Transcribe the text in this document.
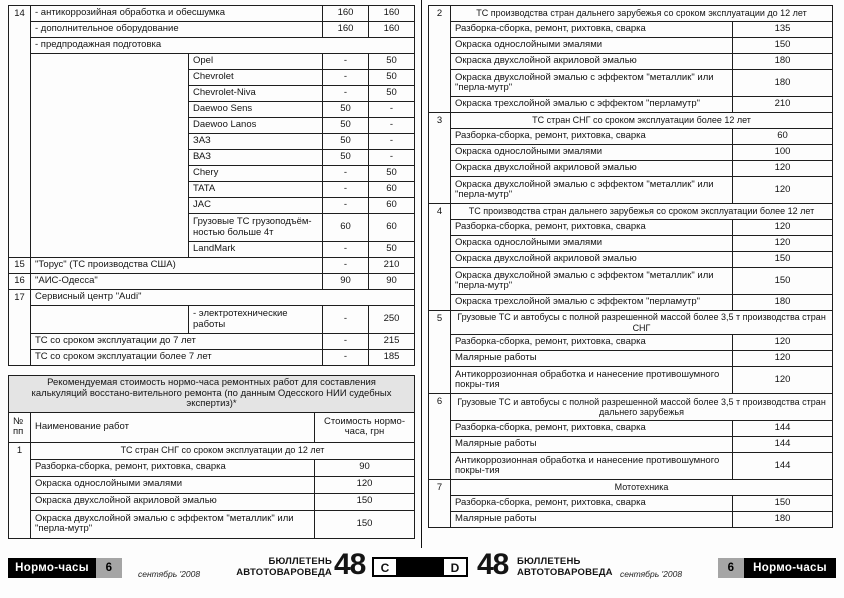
14	- антикоррозийная обработка и обесшумка		160	160
	- дополнительное оборудование		160	160
	- предпродажная подготовка			
		Opel	-	50
		Chevrolet	-	50
		Chevrolet-Niva	-	50
		Daewoo Sens	50	-
		Daewoo Lanos	50	-
		ЗАЗ	50	-
		ВАЗ	50	-
		Chery	-	50
		TATA	-	60
		JAC	-	60
		Грузовые ТС грузоподъём-ностью больше 4т	60	60
		LandMark	-	50
15	"Торус" (ТС производства США)		-	210
16	"АИС-Одесса"		90	90
17	Сервисный центр "Audi"			
		- электротехнические работы	-	250
	ТС со сроком эксплуатации до 7 лет		-	215
	ТС со сроком эксплуатации более 7 лет		-	185
Рекомендуемая стоимость нормо-часа ремонтных работ для составления калькуляций восстано-вительного ремонта (по данным Одесского НИИ судебных экспертиз)*		
№ пп	Наименование работ	Стоимость нормо-часа, грн
1	ТС стран СНГ со сроком эксплуатации до 12 лет	
	Разборка-сборка, ремонт, рихтовка, сварка	90
	Окраска однослойными эмалями	120
	Окраска двухслойной акриловой эмалью	150
	Окраска двухслойной эмалью с эффектом "металлик" или "перла-мутр"	150
2	ТС производства стран дальнего зарубежья со сроком эксплуатации до 12 лет	
	Разборка-сборка, ремонт, рихтовка, сварка	135
	Окраска однослойными эмалями	150
	Окраска двухслойной акриловой эмалью	180
	Окраска двухслойной эмалью с эффектом "металлик" или "перла-мутр"	180
	Окраска трехслойной эмалью с эффектом "перламутр"	210
3	ТС стран СНГ со сроком эксплуатации более 12 лет	
	Разборка-сборка, ремонт, рихтовка, сварка	60
	Окраска однослойными эмалями	100
	Окраска двухслойной акриловой эмалью	120
	Окраска двухслойной эмалью с эффектом "металлик" или "перла-мутр"	120
4	ТС производства стран дальнего зарубежья со сроком эксплуатации более 12 лет	
	Разборка-сборка, ремонт, рихтовка, сварка	120
	Окраска однослойными эмалями	120
	Окраска двухслойной акриловой эмалью	150
	Окраска двухслойной эмалью с эффектом "металлик" или "перла-мутр"	150
	Окраска трехслойной эмалью с эффектом "перламутр"	180
5	Грузовые ТС и автобусы с полной разрешенной массой более 3,5 т производства стран СНГ	
	Разборка-сборка, ремонт, рихтовка, сварка	120
	Малярные работы	120
	Антикоррозионная обработка и нанесение противошумного покры-тия	120
6	Грузовые ТС и автобусы с полной разрешенной массой более 3,5 т производства стран дальнего зарубежья	
	Разборка-сборка, ремонт, рихтовка, сварка	144
	Малярные работы	144
	Антикоррозионная обработка и нанесение противошумного покры-тия	144
7	Мототехника	
	Разборка-сборка, ремонт, рихтовка, сварка	150
	Малярные работы	180
Нормо-часы	6	сентябрь '2008
БЮЛЛЕТЕНЬ
АВТОТОВАРОВЕДА 48	C	D 48 БЮЛЛЕТЕНЬ
АВТОТОВАРОВЕДА сентябрь '2008	6	Нормо-часы
